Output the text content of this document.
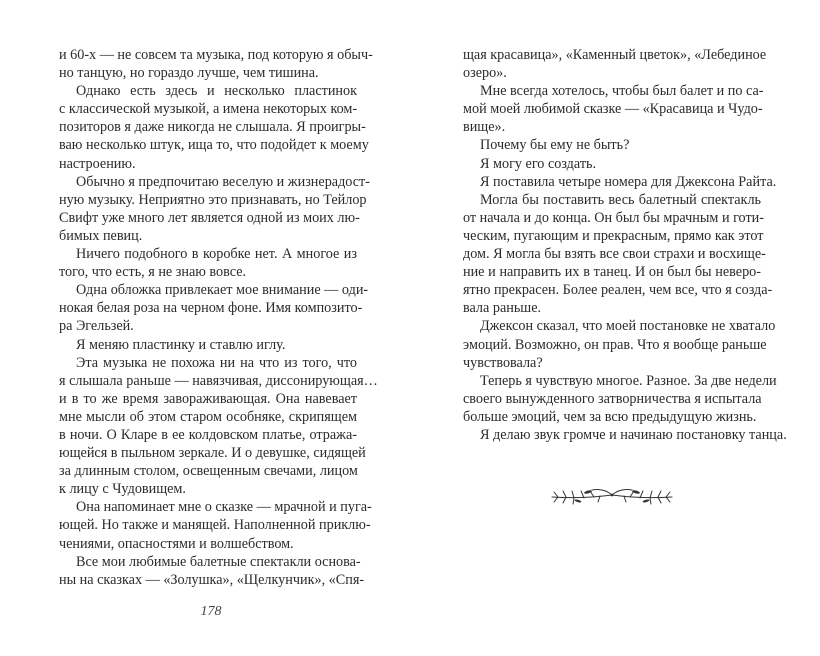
и 60-х — не совсем та музыка, под которую я обыч-
но танцую, но гораздо лучше, чем тишина.
Однако есть здесь и несколько пластинок
с классической музыкой, а имена некоторых ком-
позиторов я даже никогда не слышала. Я проигры-
ваю несколько штук, ища то, что подойдет к моему
настроению.
Обычно я предпочитаю веселую и жизнерадост-
ную музыку. Неприятно это признавать, но Тейлор
Свифт уже много лет является одной из моих лю-
бимых певиц.
Ничего подобного в коробке нет. А многое из
того, что есть, я не знаю вовсе.
Одна обложка привлекает мое внимание — оди-
нокая белая роза на черном фоне. Имя композито-
ра Эгельзей.
Я меняю пластинку и ставлю иглу.
Эта музыка не похожа ни на что из того, что
я слышала раньше — навязчивая, диссонирующая…
и в то же время завораживающая. Она навевает
мне мысли об этом старом особняке, скрипящем
в ночи. О Кларе в ее колдовском платье, отража-
ющейся в пыльном зеркале. И о девушке, сидящей
за длинным столом, освещенным свечами, лицом
к лицу с Чудовищем.
Она напоминает мне о сказке — мрачной и пуга-
ющей. Но также и манящей. Наполненной приклю-
чениями, опасностями и волшебством.
Все мои любимые балетные спектакли основа-
ны на сказках — «Золушка», «Щелкунчик», «Спя-
щая красавица», «Каменный цветок», «Лебединое
озеро».
Мне всегда хотелось, чтобы был балет и по са-
мой моей любимой сказке — «Красавица и Чудо-
вище».
Почему бы ему не быть?
Я могу его создать.
Я поставила четыре номера для Джексона Райта.
Могла бы поставить весь балетный спектакль
от начала и до конца. Он был бы мрачным и готи-
ческим, пугающим и прекрасным, прямо как этот
дом. Я могла бы взять все свои страхи и восхище-
ние и направить их в танец. И он был бы неверо-
ятно прекрасен. Более реален, чем все, что я созда-
вала раньше.
Джексон сказал, что моей постановке не хватало
эмоций. Возможно, он прав. Что я вообще раньше
чувствовала?
Теперь я чувствую многое. Разное. За две недели
своего вынужденного затворничества я испытала
больше эмоций, чем за всю предыдущую жизнь.
Я делаю звук громче и начинаю постановку танца.
178
